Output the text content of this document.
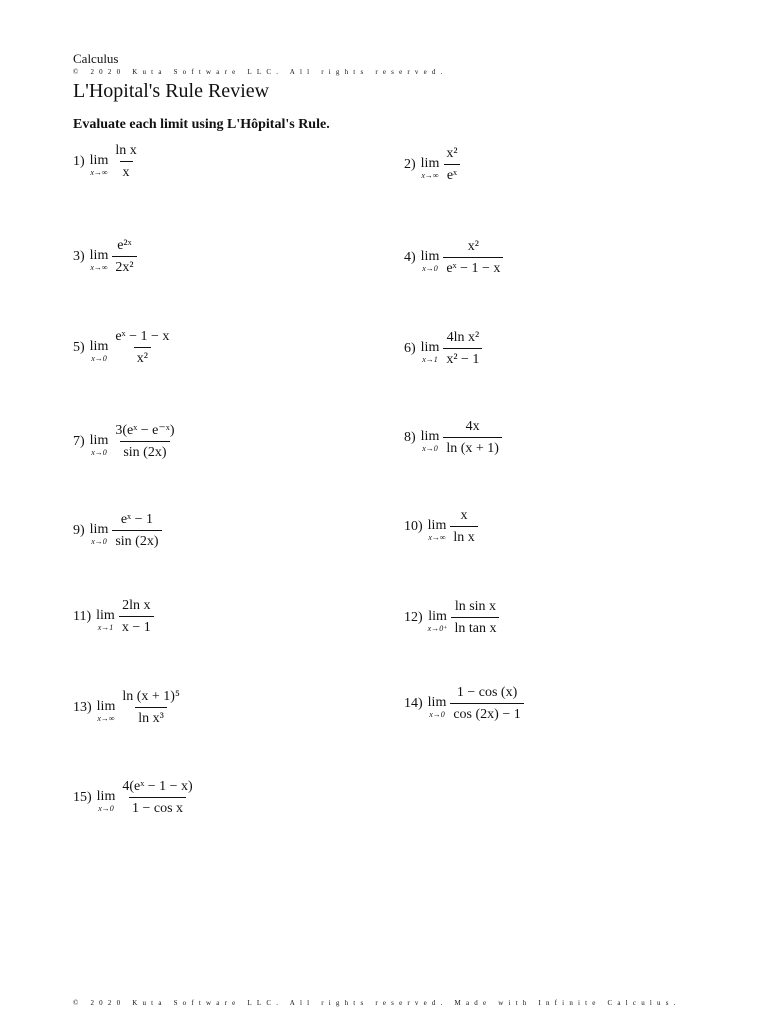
Calculus
© 2020 Kuta Software LLC. All rights reserved.
L'Hopital's Rule Review
Evaluate each limit using L'Hôpital's Rule.
1) lim
$x\to\infty \frac{\text{ln x}}{x}$	2) lim
$x\to\infty \frac{\text{x²}}{\text{eˣ}}$
3) lim
$x\to\infty \frac{\text{e²ˣ}}{\text{2x²}}$	4) lim
$x\to 0 \frac{\text{x²}}{\text{eˣ − 1 − x}}$
5) lim
$x\to 0 \frac{\text{eˣ − 1 − x}}{\text{x²}}$	6) lim
$x\to 1 \frac{\text{4ln x²}}{\text{x² − 1}}$
7) lim
$x\to 0 \frac{\text{3(eˣ − e⁻ˣ)}}{\sin (2x)}$	8) lim
$x\to 0 \frac{4x}{\ln (x + 1)}$
9) lim
$x\to 0 \frac{\text{eˣ − 1}}{\sin (2x)}$	10) lim
$x\to\infty \frac{x}{\text{ln x}}$
11) lim
$x\to 1 \frac{\text{2ln x}}{x - 1}$	12) lim
$x\to 0^+ \frac{\text{ln sin x}}{\text{ln tan x}}$
13) lim
$x\to\infty \frac{\text{ln (x + 1)⁵}}{\text{ln x³}}$	14) lim
$x\to 0 \frac{1 - \cos (x)}{\cos (2x) - 1}$
15) lim
$x\to 0 \frac{\text{4(eˣ − 1 − x)}}{\text{1 − cos x}}$
© 2020 Kuta Software LLC. All rights reserved. Made with Infinite Calculus.
